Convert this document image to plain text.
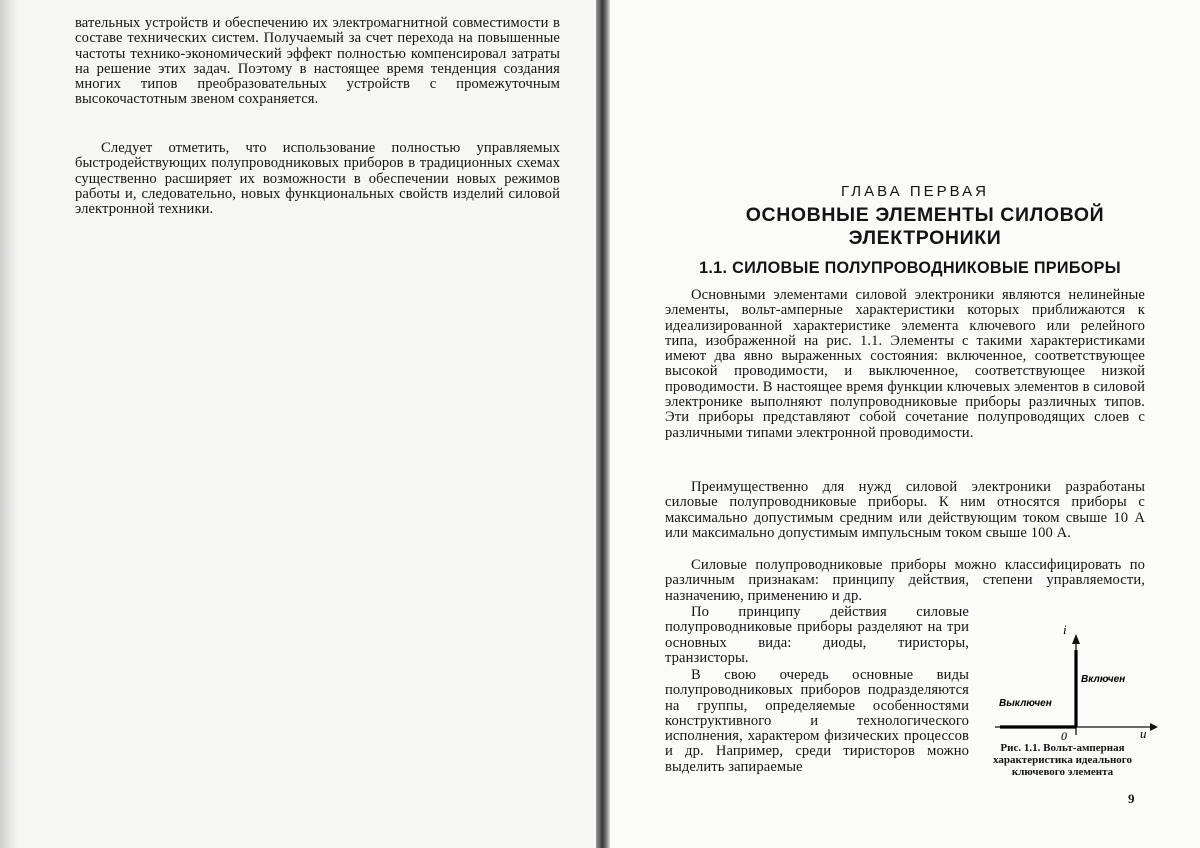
вательных устройств и обеспечению их электромагнитной совместимости в составе технических систем. Получаемый за счет перехода на повышенные частоты технико-экономический эффект полностью компенсировал затраты на решение этих задач. Поэтому в настоящее время тенденция создания многих типов преобразовательных устройств с промежуточным высокочастотным звеном сохраняется.

Следует отметить, что использование полностью управляемых быстродействующих полупроводниковых приборов в традиционных схемах существенно расширяет их возможности в обеспечении новых режимов работы и, следовательно, новых функциональных свойств изделий силовой электронной техники.

ГЛАВА ПЕРВАЯ

ОСНОВНЫЕ ЭЛЕМЕНТЫ СИЛОВОЙ
ЭЛЕКТРОНИКИ
1.1. СИЛОВЫЕ ПОЛУПРОВОДНИКОВЫЕ ПРИБОРЫ

Основными элементами силовой электроники являются нелинейные элементы, вольт-амперные характеристики которых приближаются к идеализированной характеристике элемента ключевого или релейного типа, изображенной на рис. 1.1. Элементы с такими характеристиками имеют два явно выраженных состояния: включенное, соответствующее высокой проводимости, и выключенное, соответствующее низкой проводимости. В настоящее время функции ключевых элементов в силовой электронике выполняют полупроводниковые приборы различных типов. Эти приборы представляют собой сочетание полупроводящих слоев с различными типами электронной проводимости.

Преимущественно для нужд силовой электроники разработаны силовые полупроводниковые приборы. К ним относятся приборы с максимально допустимым средним или действующим током свыше 10 А или максимально допустимым импульсным током свыше 100 А.

Силовые полупроводниковые приборы можно классифицировать по различным признакам: принципу действия, степени управляемости, назначению, применению и др.

По принципу действия силовые полупроводниковые приборы разделяют на три основных вида: диоды, тиристоры, транзисторы.

В свою очередь основные виды полупроводниковых приборов подразделяются на группы, определяемые особенностями конструктивного и технологического исполнения, характером физических процессов и др. Например, среди тиристоров можно выделить запираемые

i
u
0
Включен
Выключен

Рис. 1.1. Вольт-амперная характеристика идеального ключевого элемента

9
